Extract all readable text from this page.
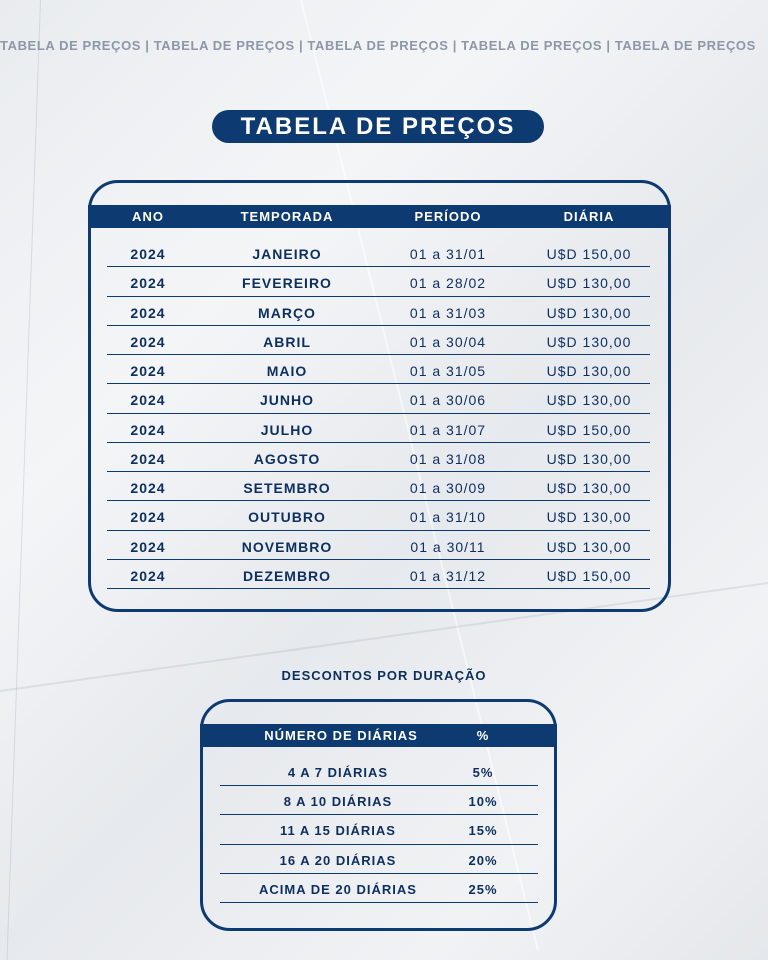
TABELA DE PREÇOS | TABELA DE PREÇOS | TABELA DE PREÇOS | TABELA DE PREÇOS | TABELA DE PREÇOS
TABELA DE PREÇOS
ANO	TEMPORADA	PERÍODO	DIÁRIA
2024	JANEIRO	01 a 31/01	U$D 150,00
2024	FEVEREIRO	01 a 28/02	U$D 130,00
2024	MARÇO	01 a 31/03	U$D 130,00
2024	ABRIL	01 a 30/04	U$D 130,00
2024	MAIO	01 a 31/05	U$D 130,00
2024	JUNHO	01 a 30/06	U$D 130,00
2024	JULHO	01 a 31/07	U$D 150,00
2024	AGOSTO	01 a 31/08	U$D 130,00
2024	SETEMBRO	01 a 30/09	U$D 130,00
2024	OUTUBRO	01 a 31/10	U$D 130,00
2024	NOVEMBRO	01 a 30/11	U$D 130,00
2024	DEZEMBRO	01 a 31/12	U$D 150,00
DESCONTOS POR DURAÇÃO
NÚMERO DE DIÁRIAS	%
4 A 7 DIÁRIAS	5%
8 A 10 DIÁRIAS	10%
11 A 15 DIÁRIAS	15%
16 A 20 DIÁRIAS	20%
ACIMA DE 20 DIÁRIAS	25%
